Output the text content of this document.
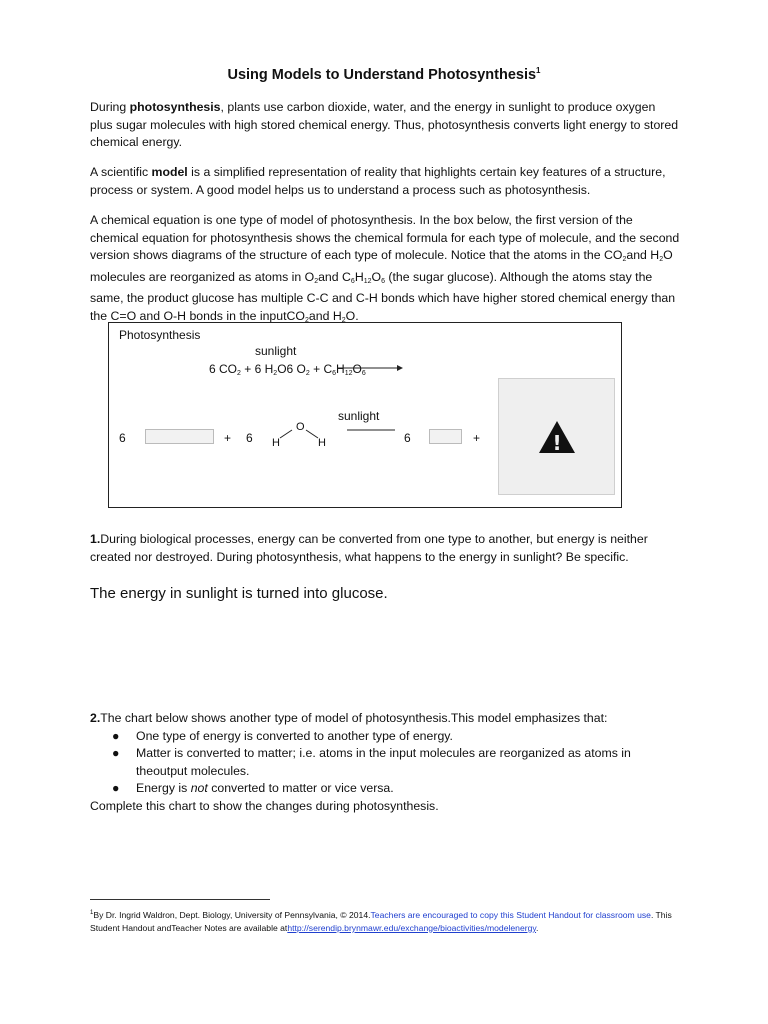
Using Models to Understand Photosynthesis$^1$
During photosynthesis, plants use carbon dioxide, water, and the energy in sunlight to produce oxygen plus sugar molecules with high stored chemical energy. Thus, photosynthesis converts light energy to stored chemical energy.
A scientific model is a simplified representation of reality that highlights certain key features of a structure, process or system. A good model helps us to understand a process such as photosynthesis.
A chemical equation is one type of model of photosynthesis. In the box below, the first version of the chemical equation for photosynthesis shows the chemical formula for each type of molecule, and the second version shows diagrams of the structure of each type of molecule. Notice that the atoms in the $CO_2and$ $H_2O$ molecules are reorganized as atoms in $O_2and$ $C_6H_{12}O_6$ (the sugar glucose). Although the atoms stay the same, the product glucose has multiple C-C and C-H bonds which have higher stored chemical energy than the C=O and O-H bonds in the inputCO$_2$and $H_2O$.
Photosynthesis
sunlight
6 $CO_2 + 6$ $H_2O6$ $O_2 + C_6H_{12}O_6$
sunlight
6	+ 6
O
H	H	6	+	!
1.During biological processes, energy can be converted from one type to another, but energy is neither created nor destroyed. During photosynthesis, what happens to the energy in sunlight? Be specific.
The energy in sunlight is turned into glucose.
2.The chart below shows another type of model of photosynthesis.This model emphasizes that:
● One type of energy is converted to another type of energy.
● Matter is converted to matter; i.e. atoms in the input molecules are reorganized as atoms in theoutput molecules.
● Energy is not converted to matter or vice versa.
Complete this chart to show the changes during photosynthesis.
$^1$By Dr. Ingrid Waldron, Dept. Biology, University of Pennsylvania, © 2014.Teachers are encouraged to copy this Student Handout for classroom use. This Student Handout andTeacher Notes are available athttp://serendip.brynmawr.edu/exchange/bioactivities/modelenergy.
